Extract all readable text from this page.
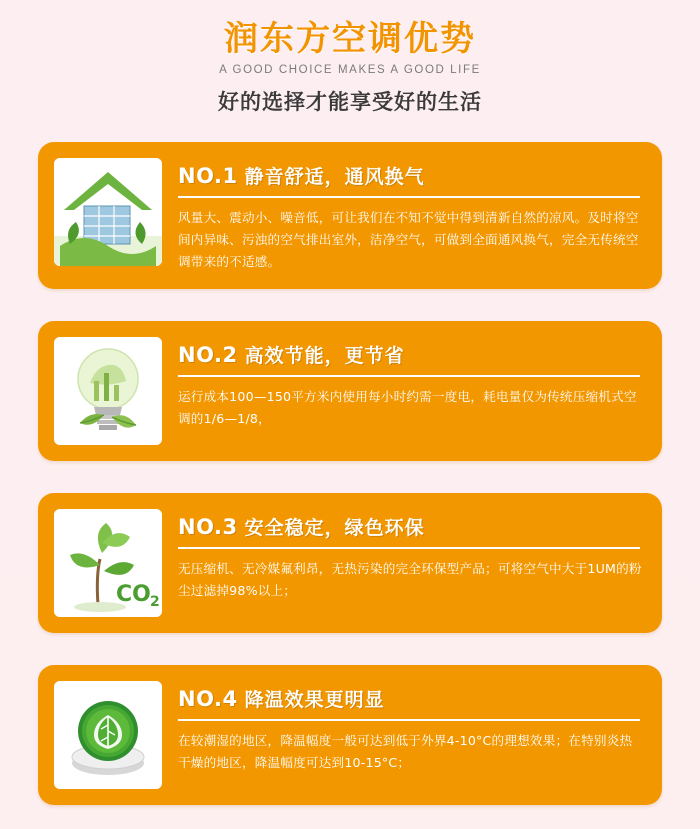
润东方空调优势
A GOOD CHOICE MAKES A GOOD LIFE
好的选择才能享受好的生活
NO.1 静音舒适，通风换气
风量大、震动小、噪音低，可让我们在不知不觉中得到清新自然的凉风。及时将空间内异味、污浊的空气排出室外，洁净空气，可做到全面通风换气，完全无传统空调带来的不适感。
NO.2 高效节能，更节省
运行成本100—150平方米内使用每小时约需一度电，耗电量仅为传统压缩机式空调的1/6—1/8，
CO 2
NO.3 安全稳定，绿色环保
无压缩机、无冷媒氟利昂，无热污染的完全环保型产品；可将空气中大于1UM的粉尘过滤掉98%以上；
NO.4 降温效果更明显
在较潮湿的地区，降温幅度一般可达到低于外界4-10°C的理想效果；在特别炎热干燥的地区，降温幅度可达到10-15°C；
